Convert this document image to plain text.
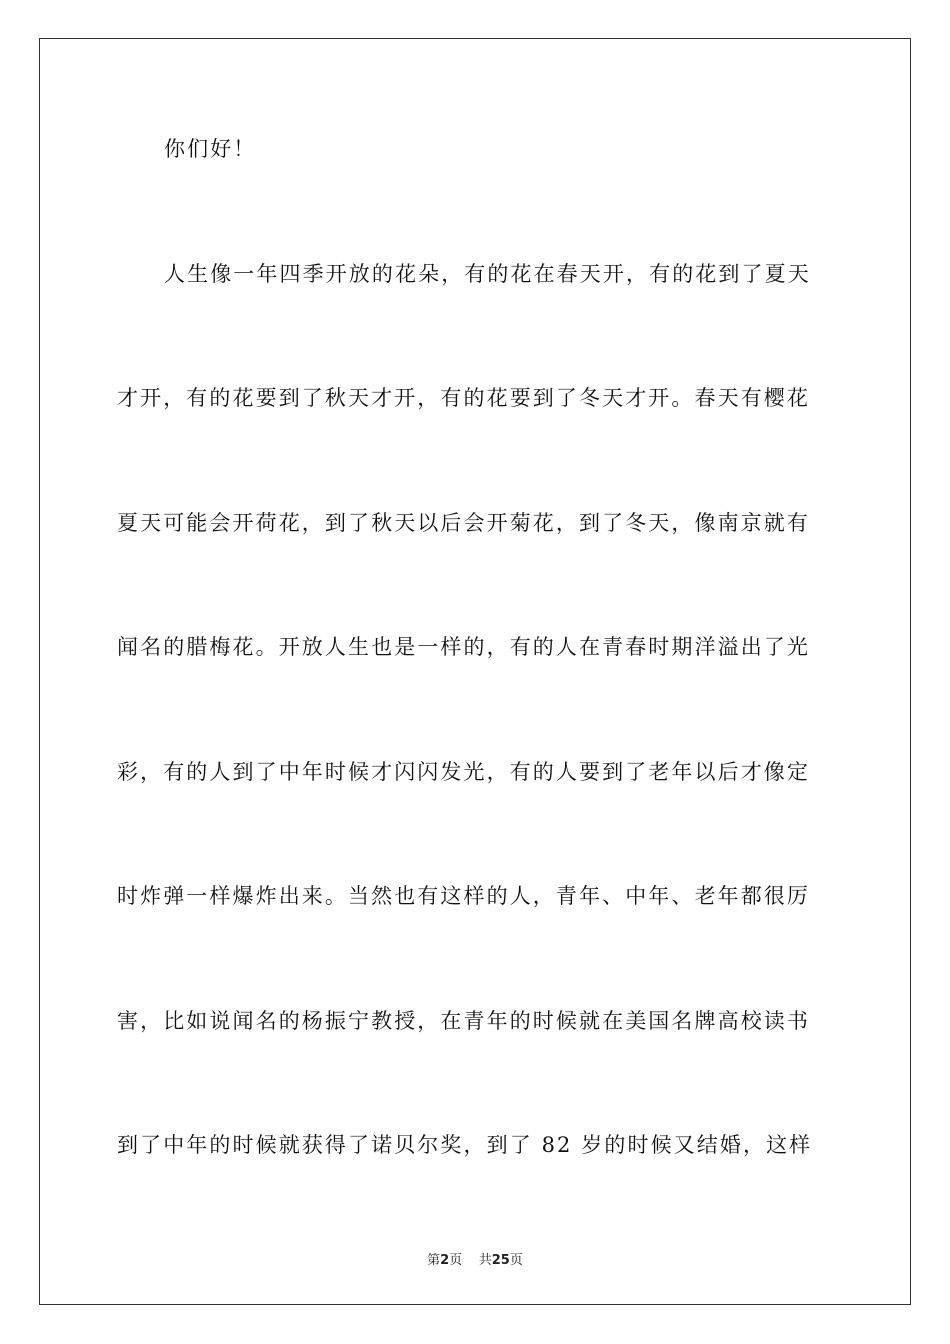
你们好！
人生像一年四季开放的花朵，有的花在春天开，有的花到了夏天
才开，有的花要到了秋天才开，有的花要到了冬天才开。春天有樱花
夏天可能会开荷花，到了秋天以后会开菊花，到了冬天，像南京就有
闻名的腊梅花。开放人生也是一样的，有的人在青春时期洋溢出了光
彩，有的人到了中年时候才闪闪发光，有的人要到了老年以后才像定
时炸弹一样爆炸出来。当然也有这样的人，青年、中年、老年都很厉
害，比如说闻名的杨振宁教授，在青年的时候就在美国名牌高校读书
到了中年的时候就获得了诺贝尔奖，到了 82 岁的时候又结婚，这样
第2页 共25页
